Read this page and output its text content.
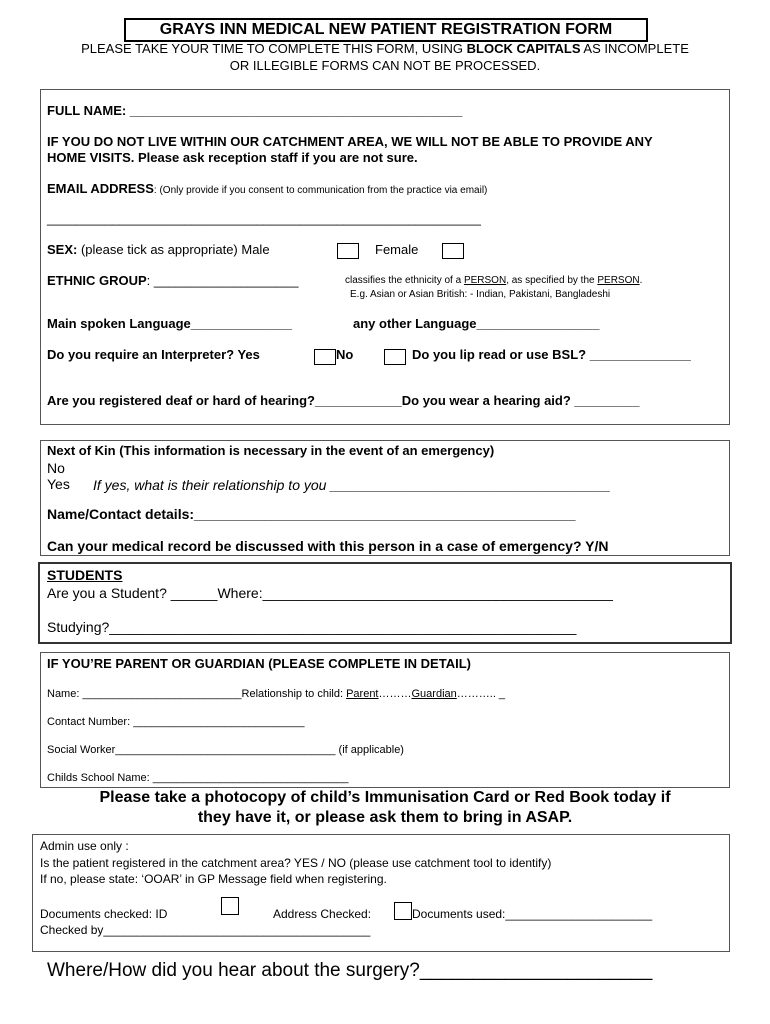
GRAYS INN MEDICAL NEW PATIENT REGISTRATION FORM
PLEASE TAKE YOUR TIME TO COMPLETE THIS FORM, USING BLOCK CAPITALS AS INCOMPLETE
OR ILLEGIBLE FORMS CAN NOT BE PROCESSED.
FULL NAME: ______________________________________________
IF YOU DO NOT LIVE WITHIN OUR CATCHMENT AREA, WE WILL NOT BE ABLE TO PROVIDE ANY
HOME VISITS. Please ask reception staff if you are not sure.
EMAIL ADDRESS: (Only provide if you consent to communication from the practice via email)
____________________________________________________________
SEX: (please tick as appropriate) Male	Female
ETHNIC GROUP: ____________________	classifies the ethnicity of a PERSON, as specified by the PERSON.
E.g. Asian or Asian British: - Indian, Pakistani, Bangladeshi
Main spoken Language______________	any other Language_________________
Do you require an Interpreter? Yes	No	Do you lip read or use BSL? ______________
Are you registered deaf or hard of hearing?____________Do you wear a hearing aid? _________
Next of Kin (This information is necessary in the event of an emergency)
No
Yes If yes, what is their relationship to you ____________________________________
Name/Contact details:_________________________________________________
Can your medical record be discussed with this person in a case of emergency? Y/N
STUDENTS
Are you a Student? ______Where:_____________________________________________
Studying?____________________________________________________________
IF YOU’RE PARENT OR GUARDIAN (PLEASE COMPLETE IN DETAIL)
Name: __________________________Relationship to child: Parent………Guardian……….. _
Contact Number: ____________________________
Social Worker____________________________________ (if applicable)
Childs School Name: ________________________________
Please take a photocopy of child’s Immunisation Card or Red Book today if
they have it, or please ask them to bring in ASAP.
Admin use only :
Is the patient registered in the catchment area? YES / NO (please use catchment tool to identify)
If no, please state: ‘OOAR’ in GP Message field when registering.
Documents checked: ID	Address Checked:	Documents used:______________________
Checked by________________________________________
Where/How did you hear about the surgery?______________________
